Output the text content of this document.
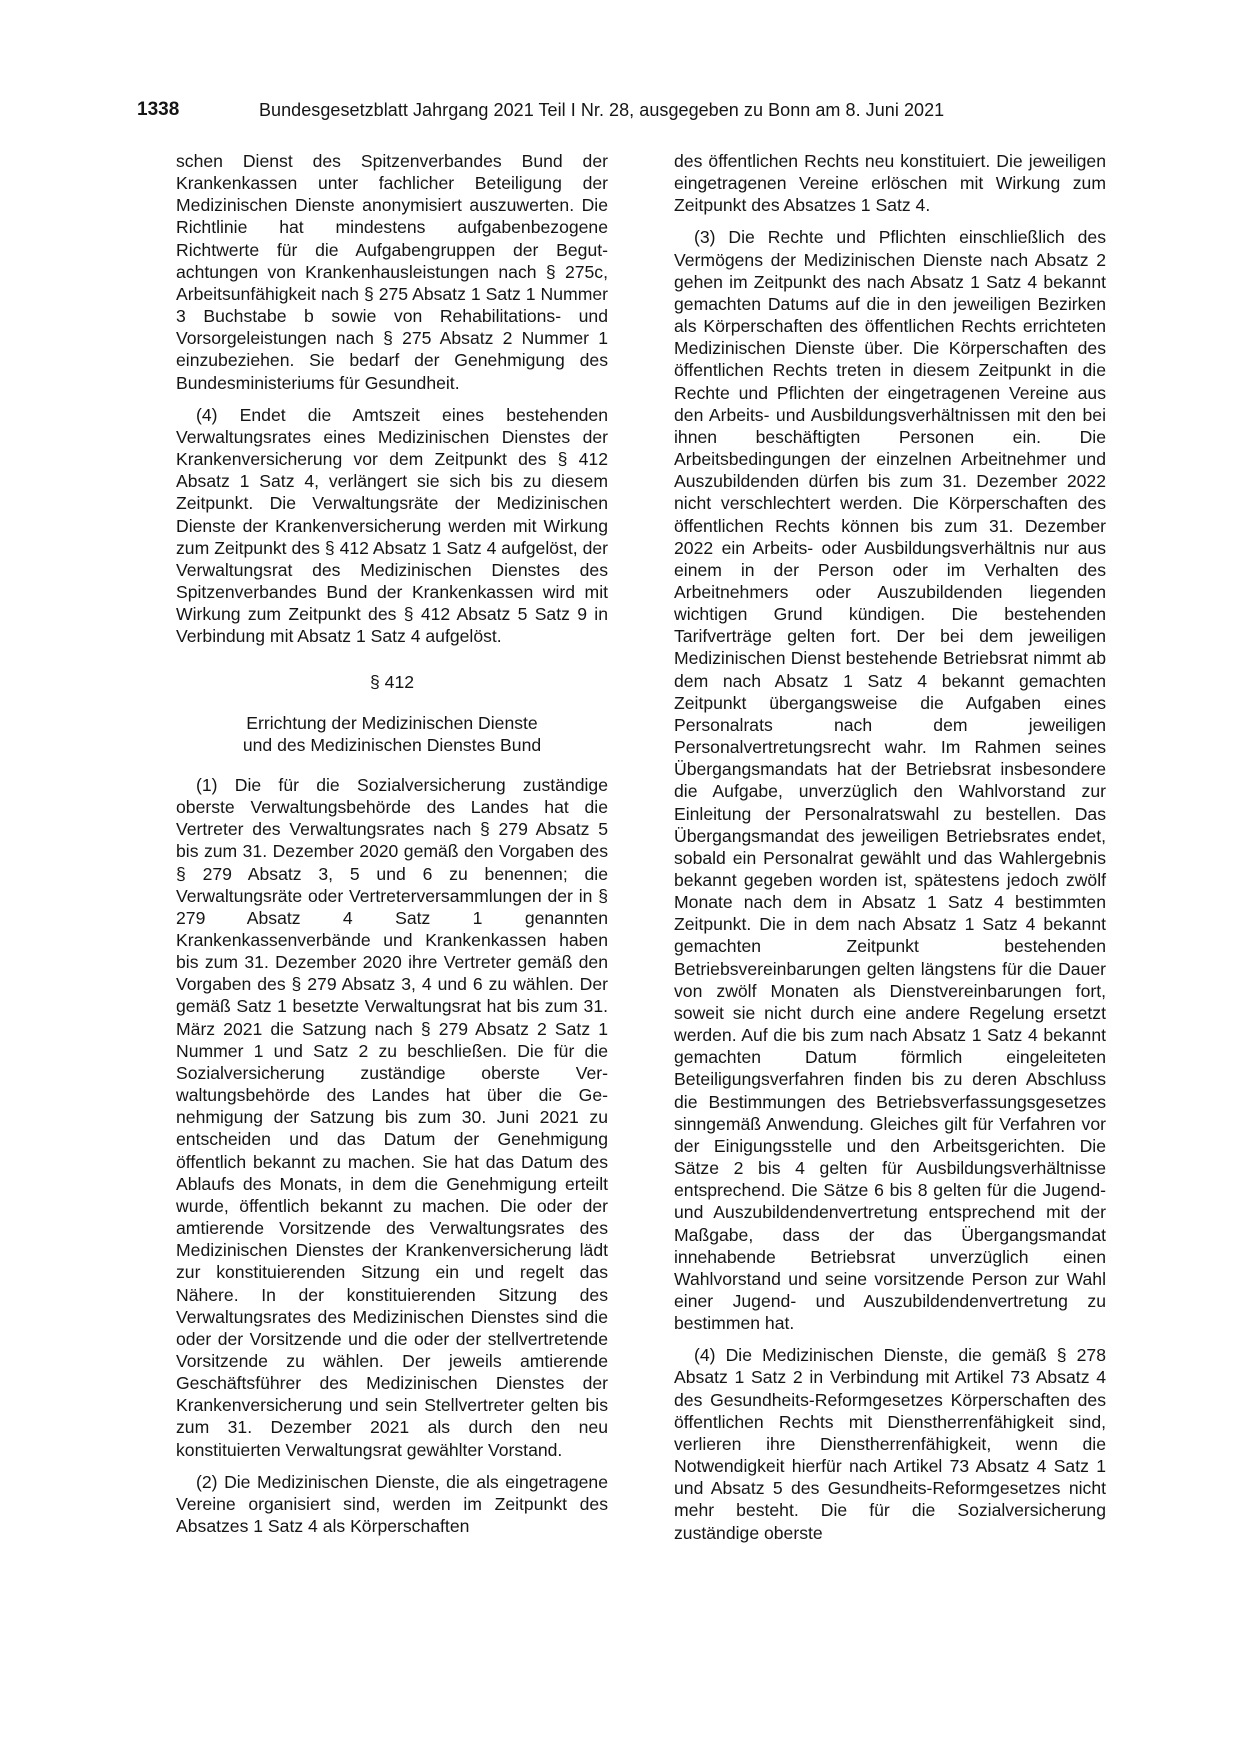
1338	Bundesgesetzblatt Jahrgang 2021 Teil I Nr. 28, ausgegeben zu Bonn am 8. Juni 2021

schen Dienst des Spitzenverbandes Bund der Krankenkassen unter fachlicher Beteiligung der Medizinischen Dienste anonymisiert auszuwerten. Die Richtlinie hat mindestens aufgabenbezogene Richtwerte für die Aufgabengruppen der Begutachtungen von Krankenhausleistungen nach § 275c, Arbeitsunfähigkeit nach § 275 Absatz 1 Satz 1 Nummer 3 Buchstabe b sowie von Rehabilitations- und Vorsorgeleistungen nach § 275 Absatz 2 Nummer 1 einzubeziehen. Sie bedarf der Genehmigung des Bundesministeriums für Gesundheit.

(4) Endet die Amtszeit eines bestehenden Verwaltungsrates eines Medizinischen Dienstes der Krankenversicherung vor dem Zeitpunkt des § 412 Absatz 1 Satz 4, verlängert sie sich bis zu diesem Zeitpunkt. Die Verwaltungsräte der Medizinischen Dienste der Krankenversicherung werden mit Wirkung zum Zeitpunkt des § 412 Absatz 1 Satz 4 aufgelöst, der Verwaltungsrat des Medizinischen Dienstes des Spitzenverbandes Bund der Krankenkassen wird mit Wirkung zum Zeitpunkt des § 412 Absatz 5 Satz 9 in Verbindung mit Absatz 1 Satz 4 aufgelöst.

§ 412
Errichtung der Medizinischen Dienste
und des Medizinischen Dienstes Bund

(1) Die für die Sozialversicherung zuständige oberste Verwaltungsbehörde des Landes hat die Vertreter des Verwaltungsrates nach § 279 Absatz 5 bis zum 31. Dezember 2020 gemäß den Vorgaben des § 279 Absatz 3, 5 und 6 zu benennen; die Verwaltungsräte oder Vertreterversammlungen der in § 279 Absatz 4 Satz 1 genannten Krankenkassenverbände und Krankenkassen haben bis zum 31. Dezember 2020 ihre Vertreter gemäß den Vorgaben des § 279 Absatz 3, 4 und 6 zu wählen. Der gemäß Satz 1 besetzte Verwaltungsrat hat bis zum 31. März 2021 die Satzung nach § 279 Absatz 2 Satz 1 Nummer 1 und Satz 2 zu beschließen. Die für die Sozialversicherung zuständige oberste Verwaltungsbehörde des Landes hat über die Genehmigung der Satzung bis zum 30. Juni 2021 zu entscheiden und das Datum der Genehmigung öffentlich bekannt zu machen. Sie hat das Datum des Ablaufs des Monats, in dem die Genehmigung erteilt wurde, öffentlich bekannt zu machen. Die oder der amtierende Vorsitzende des Verwaltungsrates des Medizinischen Dienstes der Krankenversicherung lädt zur konstituierenden Sitzung ein und regelt das Nähere. In der konstituierenden Sitzung des Verwaltungsrates des Medizinischen Dienstes sind die oder der Vorsitzende und die oder der stellvertretende Vorsitzende zu wählen. Der jeweils amtierende Geschäftsführer des Medizinischen Dienstes der Krankenversicherung und sein Stellvertreter gelten bis zum 31. Dezember 2021 als durch den neu konstituierten Verwaltungsrat gewählter Vorstand.

(2) Die Medizinischen Dienste, die als eingetragene Vereine organisiert sind, werden im Zeitpunkt des Absatzes 1 Satz 4 als Körperschaften

des öffentlichen Rechts neu konstituiert. Die jeweiligen eingetragenen Vereine erlöschen mit Wirkung zum Zeitpunkt des Absatzes 1 Satz 4.

(3) Die Rechte und Pflichten einschließlich des Vermögens der Medizinischen Dienste nach Absatz 2 gehen im Zeitpunkt des nach Absatz 1 Satz 4 bekannt gemachten Datums auf die in den jeweiligen Bezirken als Körperschaften des öffentlichen Rechts errichteten Medizinischen Dienste über. Die Körperschaften des öffentlichen Rechts treten in diesem Zeitpunkt in die Rechte und Pflichten der eingetragenen Vereine aus den Arbeits- und Ausbildungsverhältnissen mit den bei ihnen beschäftigten Personen ein. Die Arbeitsbedingungen der einzelnen Arbeitnehmer und Auszubildenden dürfen bis zum 31. Dezember 2022 nicht verschlechtert werden. Die Körperschaften des öffentlichen Rechts können bis zum 31. Dezember 2022 ein Arbeits- oder Ausbildungsverhältnis nur aus einem in der Person oder im Verhalten des Arbeitnehmers oder Auszubildenden liegenden wichtigen Grund kündigen. Die bestehenden Tarifverträge gelten fort. Der bei dem jeweiligen Medizinischen Dienst bestehende Betriebsrat nimmt ab dem nach Absatz 1 Satz 4 bekannt gemachten Zeitpunkt übergangsweise die Aufgaben eines Personalrats nach dem jeweiligen Personalvertretungsrecht wahr. Im Rahmen seines Übergangsmandats hat der Betriebsrat insbesondere die Aufgabe, unverzüglich den Wahlvorstand zur Einleitung der Personalratswahl zu bestellen. Das Übergangsmandat des jeweiligen Betriebsrates endet, sobald ein Personalrat gewählt und das Wahlergebnis bekannt gegeben worden ist, spätestens jedoch zwölf Monate nach dem in Absatz 1 Satz 4 bestimmten Zeitpunkt. Die in dem nach Absatz 1 Satz 4 bekannt gemachten Zeitpunkt bestehenden Betriebsvereinbarungen gelten längstens für die Dauer von zwölf Monaten als Dienstvereinbarungen fort, soweit sie nicht durch eine andere Regelung ersetzt werden. Auf die bis zum nach Absatz 1 Satz 4 bekannt gemachten Datum förmlich eingeleiteten Beteiligungsverfahren finden bis zu deren Abschluss die Bestimmungen des Betriebsverfassungsgesetzes sinngemäß Anwendung. Gleiches gilt für Verfahren vor der Einigungsstelle und den Arbeitsgerichten. Die Sätze 2 bis 4 gelten für Ausbildungsverhältnisse entsprechend. Die Sätze 6 bis 8 gelten für die Jugend- und Auszubildendenvertretung entsprechend mit der Maßgabe, dass der das Übergangsmandat innehabende Betriebsrat unverzüglich einen Wahlvorstand und seine vorsitzende Person zur Wahl einer Jugend- und Auszubildendenvertretung zu bestimmen hat.

(4) Die Medizinischen Dienste, die gemäß § 278 Absatz 1 Satz 2 in Verbindung mit Artikel 73 Absatz 4 des Gesundheits-Reformgesetzes Körperschaften des öffentlichen Rechts mit Dienstherrenfähigkeit sind, verlieren ihre Dienstherrenfähigkeit, wenn die Notwendigkeit hierfür nach Artikel 73 Absatz 4 Satz 1 und Absatz 5 des Gesundheits-Reformgesetzes nicht mehr besteht. Die für die Sozialversicherung zuständige oberste
